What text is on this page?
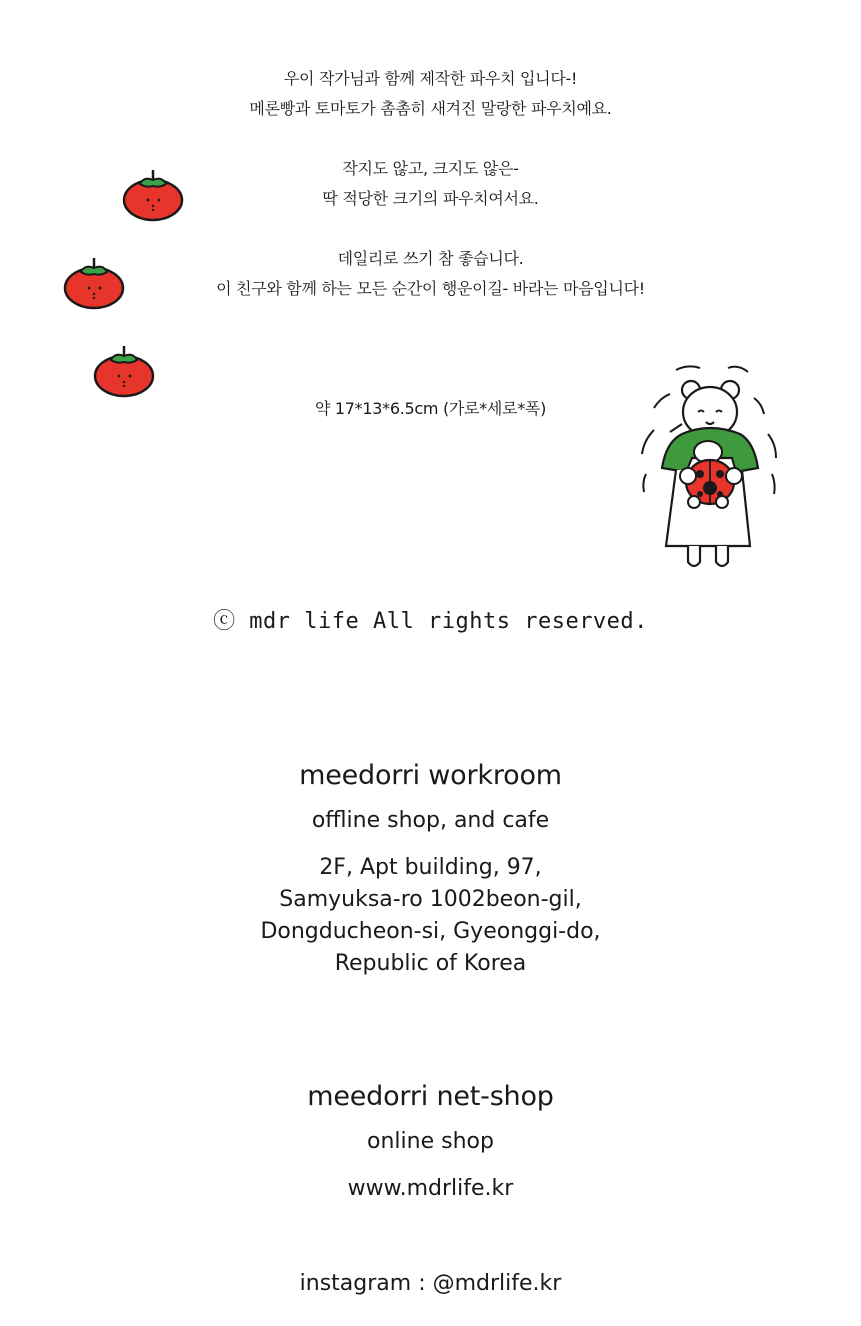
우이 작가님과 함께 제작한 파우치 입니다-!
메론빵과 토마토가 촘촘히 새겨진 말랑한 파우치예요.
작지도 않고, 크지도 않은-
딱 적당한 크기의 파우치여서요.
데일리로 쓰기 참 좋습니다.
이 친구와 함께 하는 모든 순간이 행운이길- 바라는 마음입니다!
약 17*13*6.5cm (가로*세로*폭)
ⓒ mdr life All rights reserved.
meedorri workroom
offline shop, and cafe
2F, Apt building, 97,
Samyuksa-ro 1002beon-gil,
Dongducheon-si, Gyeonggi-do,
Republic of Korea
meedorri net-shop
online shop
www.mdrlife.kr
instagram : @mdrlife.kr
